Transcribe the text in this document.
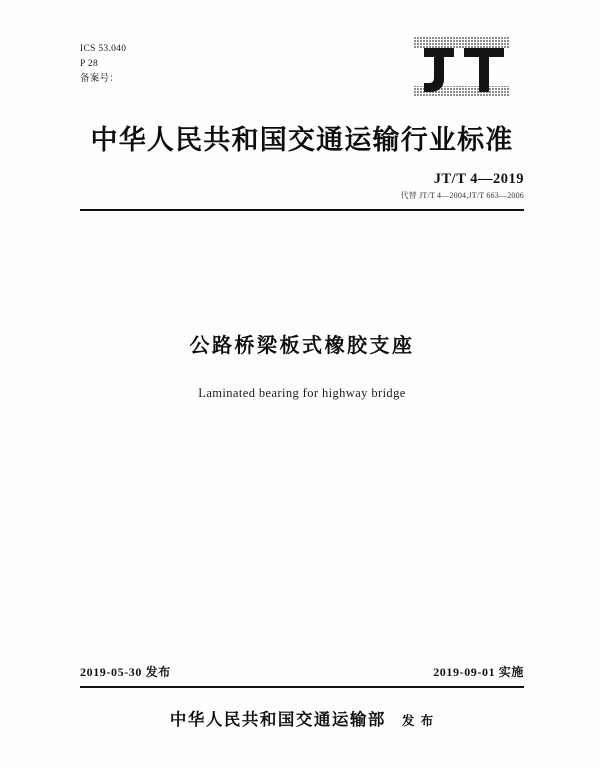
ICS 53.040
P 28
备案号：
中华人民共和国交通运输行业标准
JT/T 4—2019
代替 JT/T 4—2004,JT/T 663—2006
公路桥梁板式橡胶支座
Laminated bearing for highway bridge
2019-05-30 发布	2019-09-01 实施
中华人民共和国交通运输部 发 布
